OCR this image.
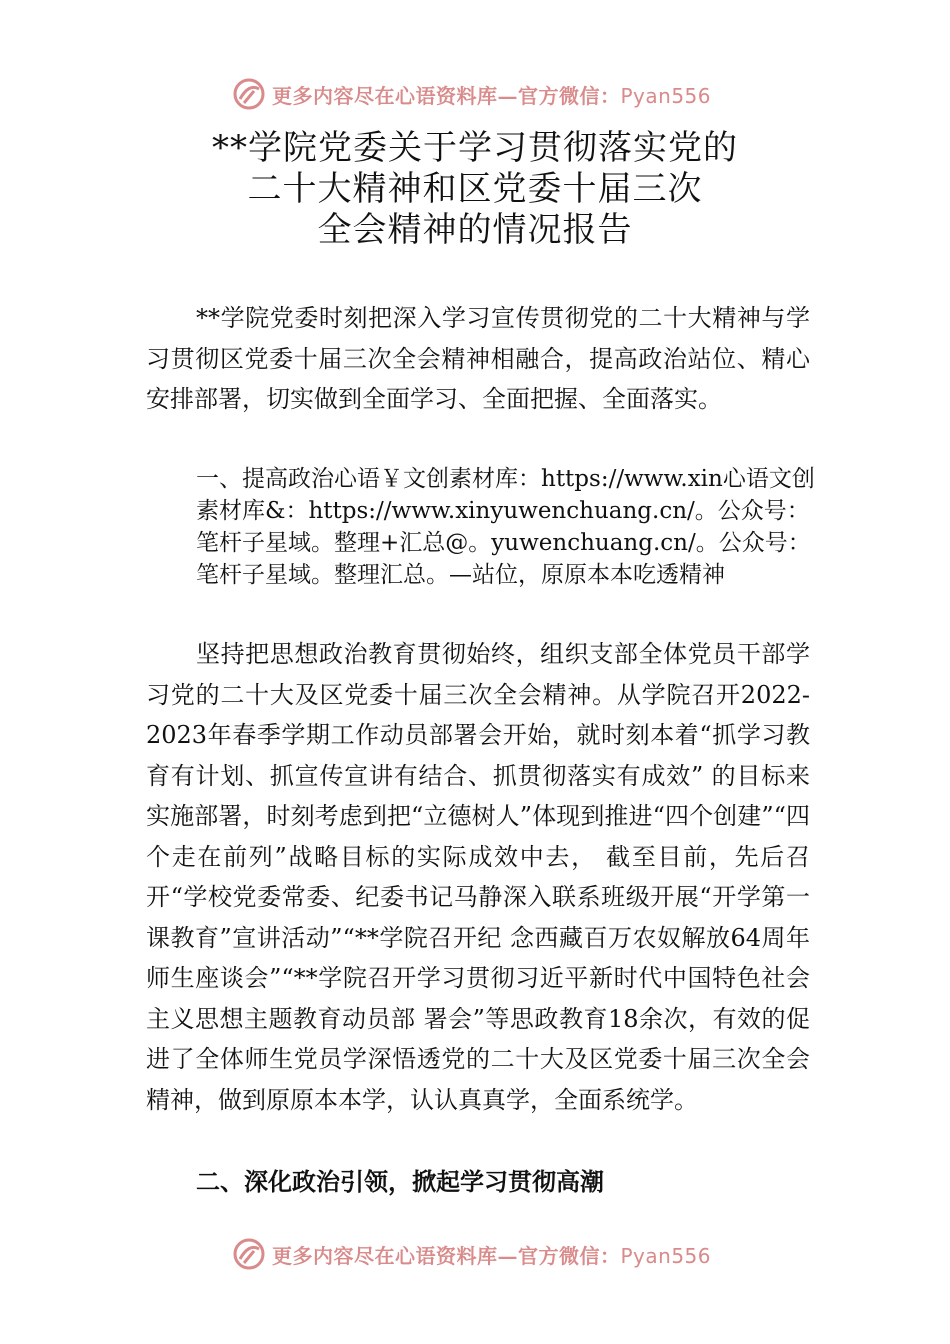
更多内容尽在心语资料库—官方微信：Pyan556
**学院党委关于学习贯彻落实党的
二十大精神和区党委十届三次
全会精神的情况报告

**学院党委时刻把深入学习宣传贯彻党的二十大精神与学习贯彻区党委十届三次全会精神相融合，提高政治站位、精心安排部署，切实做到全面学习、全面把握、全面落实。

一、提高政治心语￥文创素材库：https://www.xin心语文创素材库&：https://www.xinyuwenchuang.cn/。公众号：笔杆子星域。整理+汇总@。yuwenchuang.cn/。公众号：笔杆子星域。整理汇总。—站位，原原本本吃透精神

坚持把思想政治教育贯彻始终，组织支部全体党员干部学习党的二十大及区党委十届三次全会精神。从学院召开2022-2023年春季学期工作动员部署会开始，就时刻本着“抓学习教育有计划、抓宣传宣讲有结合、抓贯彻落实有成效” 的目标来实施部署，时刻考虑到把“立德树人”体现到推进“四个创建”“四个走在前列”战略目标的实际成效中去， 截至目前，先后召开“学校党委常委、纪委书记马静深入联系班级开展“开学第一课教育”宣讲活动”“**学院召开纪 念西藏百万农奴解放64周年师生座谈会”“**学院召开学习贯彻习近平新时代中国特色社会主义思想主题教育动员部 署会”等思政教育18余次，有效的促进了全体师生党员学深悟透党的二十大及区党委十届三次全会精神，做到原原本本学，认认真真学，全面系统学。

二、深化政治引领，掀起学习贯彻高潮

更多内容尽在心语资料库—官方微信：Pyan556
